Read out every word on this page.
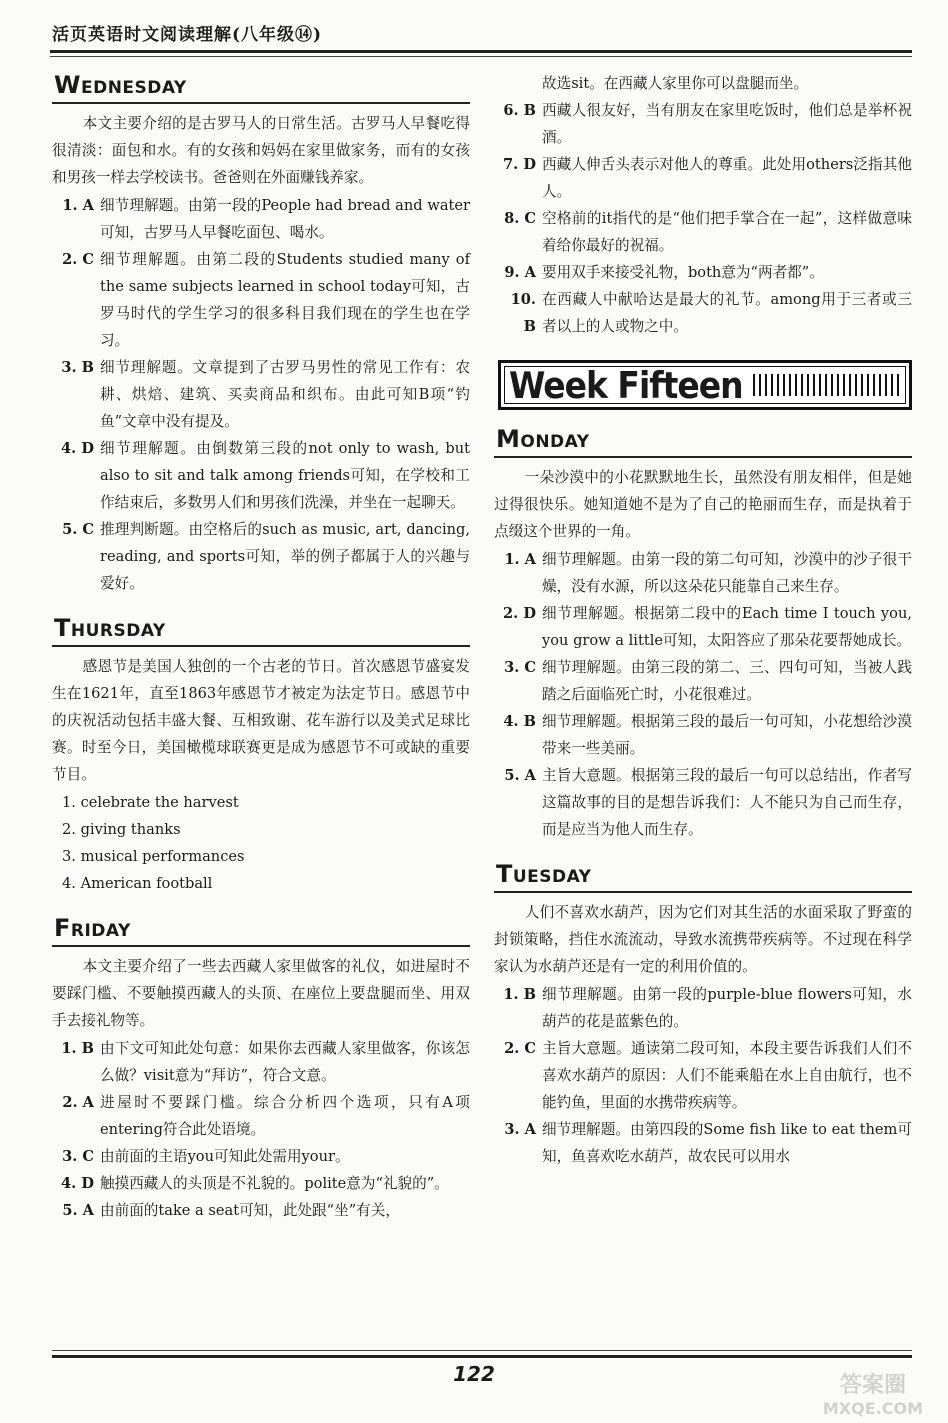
活页英语时文阅读理解(八年级⑭)
Wednesday

本文主要介绍的是古罗马人的日常生活。古罗马人早餐吃得很清淡：面包和水。有的女孩和妈妈在家里做家务，而有的女孩和男孩一样去学校读书。爸爸则在外面赚钱养家。

1. A 细节理解题。由第一段的People had bread and water可知，古罗马人早餐吃面包、喝水。
2. C 细节理解题。由第二段的Students studied many of the same subjects learned in school today可知，古罗马时代的学生学习的很多科目我们现在的学生也在学习。
3. B 细节理解题。文章提到了古罗马男性的常见工作有：农耕、烘焙、建筑、买卖商品和织布。由此可知B项“钓鱼”文章中没有提及。
4. D 细节理解题。由倒数第三段的not only to wash, but also to sit and talk among friends可知，在学校和工作结束后，多数男人们和男孩们洗澡，并坐在一起聊天。
5. C 推理判断题。由空格后的such as music, art, dancing, reading, and sports可知，举的例子都属于人的兴趣与爱好。
Thursday

感恩节是美国人独创的一个古老的节日。首次感恩节盛宴发生在1621年，直至1863年感恩节才被定为法定节日。感恩节中的庆祝活动包括丰盛大餐、互相致谢、花车游行以及美式足球比赛。时至今日，美国橄榄球联赛更是成为感恩节不可或缺的重要节目。

1. celebrate the harvest
2. giving thanks
3. musical performances
4. American football
Friday

本文主要介绍了一些去西藏人家里做客的礼仪，如进屋时不要踩门槛、不要触摸西藏人的头顶、在座位上要盘腿而坐、用双手去接礼物等。

1. B 由下文可知此处句意：如果你去西藏人家里做客，你该怎么做？visit意为“拜访”，符合文意。
2. A 进屋时不要踩门槛。综合分析四个选项，只有A项entering符合此处语境。
3. C 由前面的主语you可知此处需用your。
4. D 触摸西藏人的头顶是不礼貌的。polite意为“礼貌的”。
5. A 由前面的take a seat可知，此处跟“坐”有关，
故选sit。在西藏人家里你可以盘腿而坐。
6. B 西藏人很友好，当有朋友在家里吃饭时，他们总是举杯祝酒。
7. D 西藏人伸舌头表示对他人的尊重。此处用others泛指其他人。
8. C 空格前的it指代的是“他们把手掌合在一起”，这样做意味着给你最好的祝福。
9. A 要用双手来接受礼物，both意为“两者都”。
10. B
在西藏人中献哈达是最大的礼节。among用于三者或三者以上的人或物之中。
Week Fifteen
Monday

一朵沙漠中的小花默默地生长，虽然没有朋友相伴，但是她过得很快乐。她知道她不是为了自己的艳丽而生存，而是执着于点缀这个世界的一角。

1. A 细节理解题。由第一段的第二句可知，沙漠中的沙子很干燥，没有水源，所以这朵花只能靠自己来生存。
2. D 细节理解题。根据第二段中的Each time I touch you, you grow a little可知，太阳答应了那朵花要帮她成长。
3. C 细节理解题。由第三段的第二、三、四句可知，当被人践踏之后面临死亡时，小花很难过。
4. B 细节理解题。根据第三段的最后一句可知，小花想给沙漠带来一些美丽。
5. A 主旨大意题。根据第三段的最后一句可以总结出，作者写这篇故事的目的是想告诉我们：人不能只为自己而生存，而是应当为他人而生存。
Tuesday

人们不喜欢水葫芦，因为它们对其生活的水面采取了野蛮的封锁策略，挡住水流流动，导致水流携带疾病等。不过现在科学家认为水葫芦还是有一定的利用价值的。

1. B 细节理解题。由第一段的purple-blue flowers可知，水葫芦的花是蓝紫色的。
2. C 主旨大意题。通读第二段可知，本段主要告诉我们人们不喜欢水葫芦的原因：人们不能乘船在水上自由航行，也不能钓鱼，里面的水携带疾病等。
3. A 细节理解题。由第四段的Some fish like to eat them可知，鱼喜欢吃水葫芦，故农民可以用水
122	答案圈
MXQE.COM
